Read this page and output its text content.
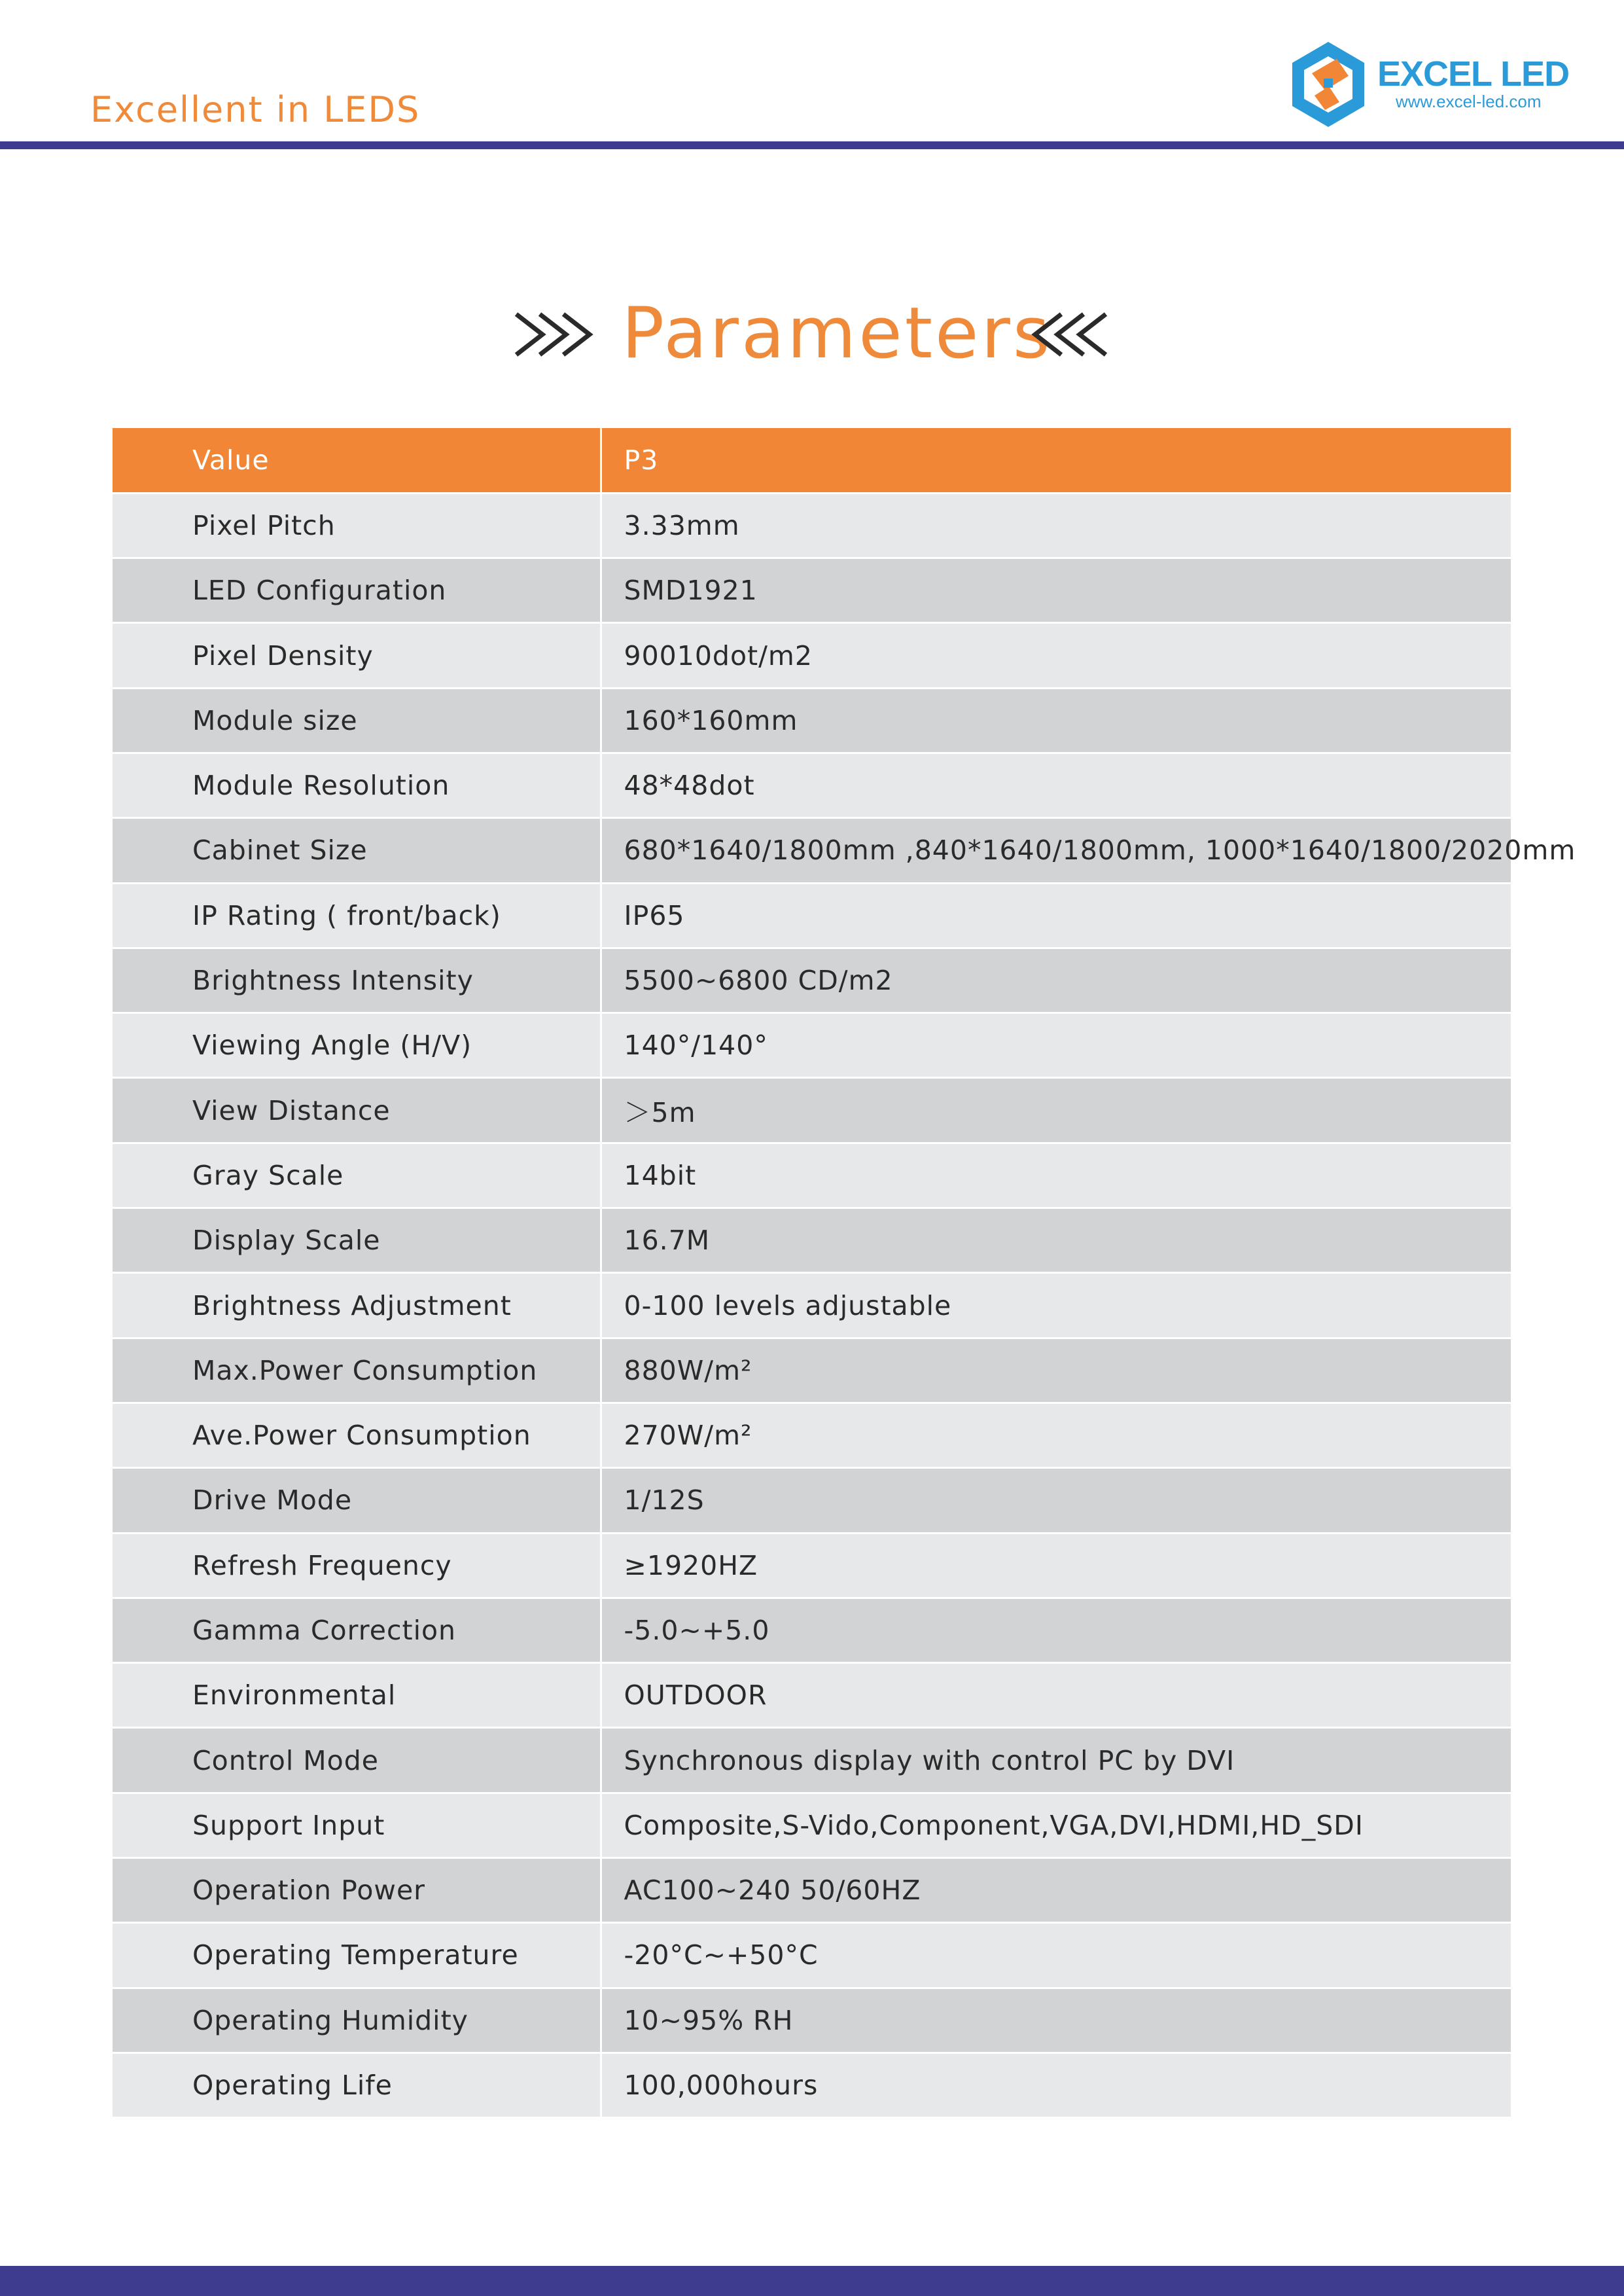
Excellent in LEDS
EXCEL LED
www.excel-led.com
Parameters
Value	P3
Pixel Pitch	3.33mm
LED Configuration	SMD1921
Pixel Density	90010dot/m2
Module size	160*160mm
Module Resolution	48*48dot
Cabinet Size	680*1640/1800mm ,840*1640/1800mm, 1000*1640/1800/2020mm
IP Rating ( front/back)	IP65
Brightness Intensity	5500~6800 CD/m2
Viewing Angle (H/V)	140°/140°
View Distance	＞5m
Gray Scale	14bit
Display Scale	16.7M
Brightness Adjustment	0-100 levels adjustable
Max.Power Consumption	880W/m²
Ave.Power Consumption	270W/m²
Drive Mode	1/12S
Refresh Frequency	≥1920HZ
Gamma Correction	-5.0~+5.0
Environmental	OUTDOOR
Control Mode	Synchronous display with control PC by DVI
Support Input	Composite,S-Vido,Component,VGA,DVI,HDMI,HD_SDI
Operation Power	AC100~240 50/60HZ
Operating Temperature	-20°C~+50°C
Operating Humidity	10~95% RH
Operating Life	100,000hours
